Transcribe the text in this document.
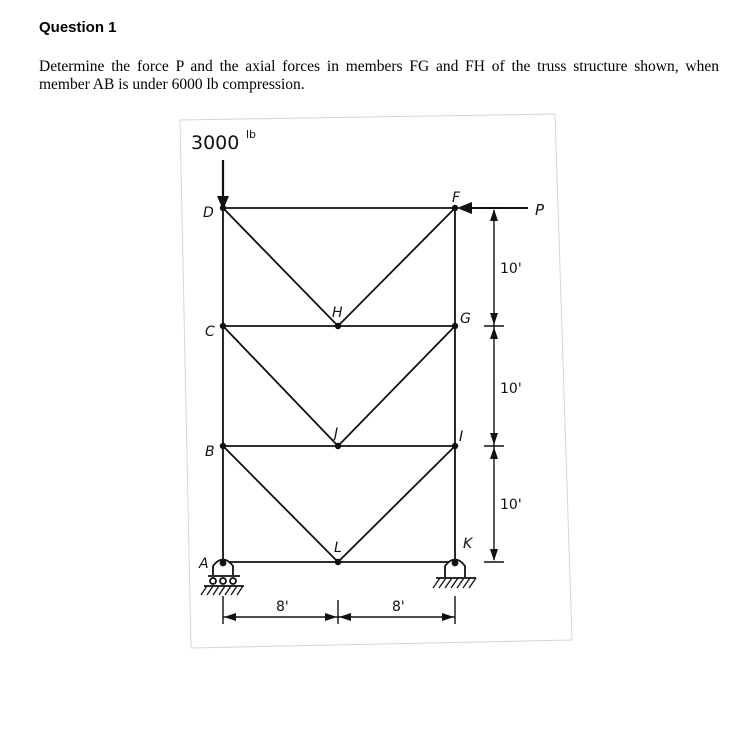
Question 1
Determine the force P and the axial forces in members FG and FH of the truss structure shown, when member AB is under 6000 lb compression.
3000 lb
P
D
C
B
A
F
H	G
J	I
L	K
10'
10'
10'
8'	8'
